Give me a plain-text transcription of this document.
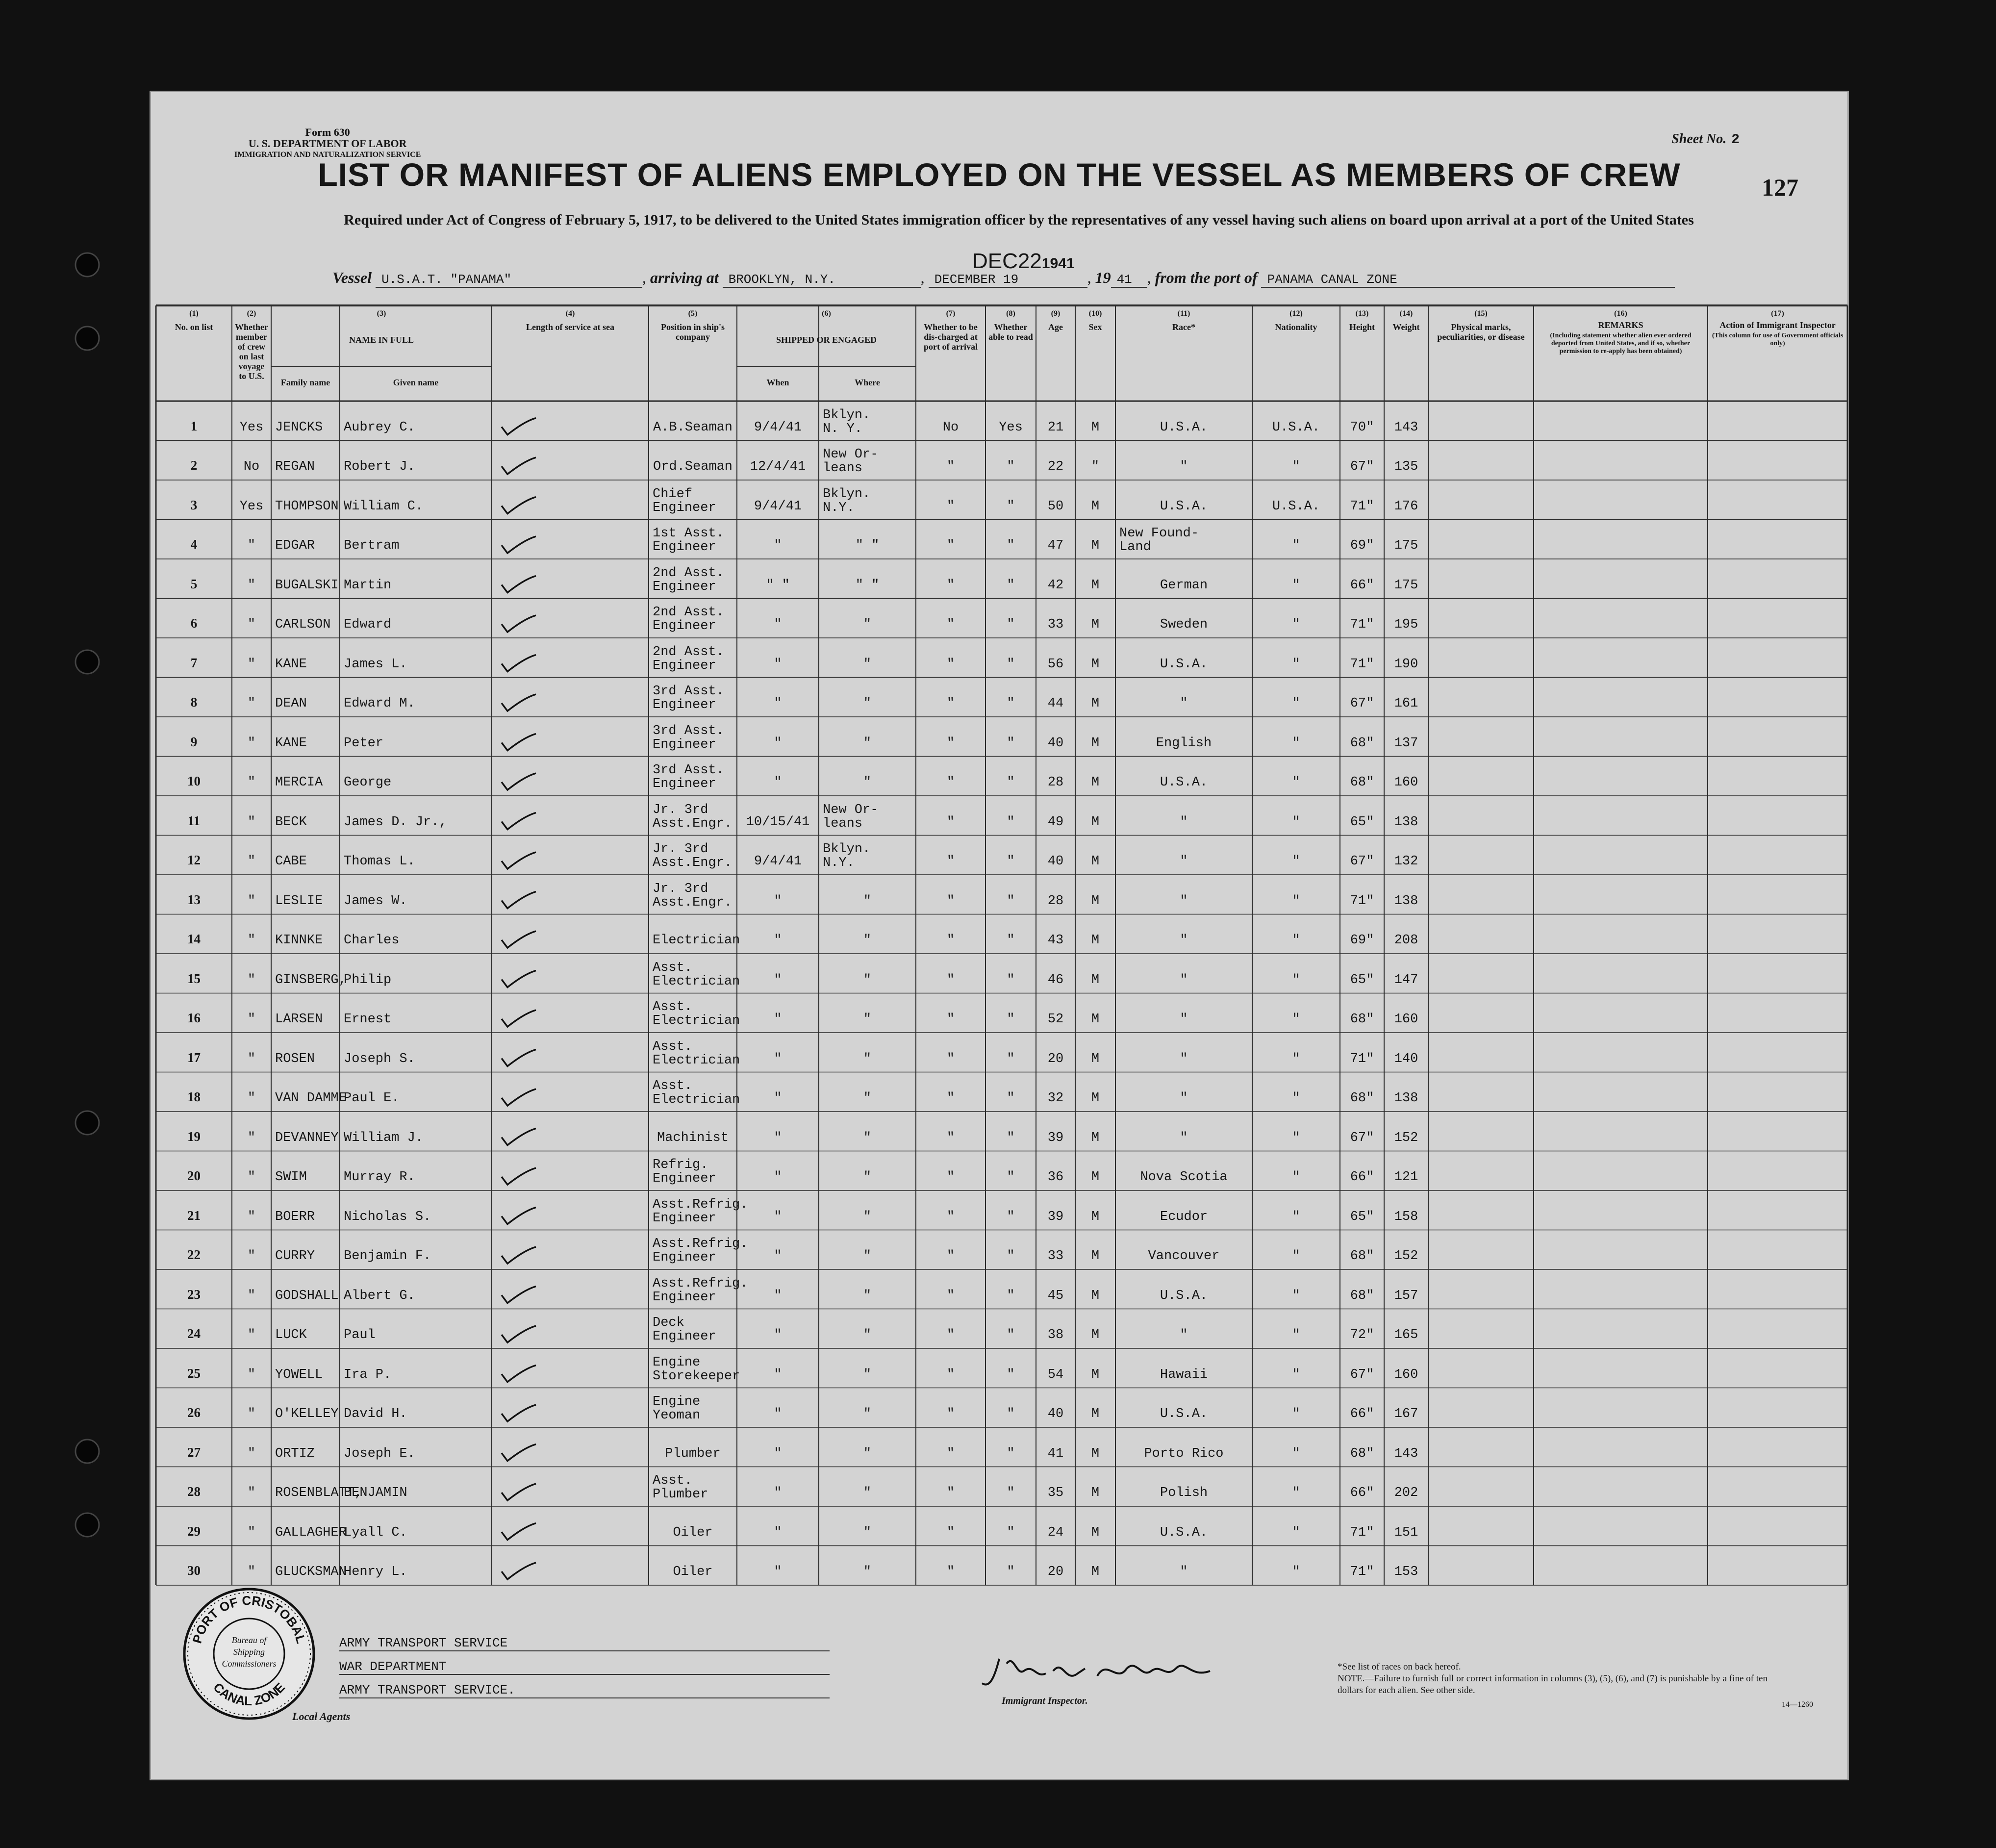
Form 630
U. S. DEPARTMENT OF LABOR
IMMIGRATION AND NATURALIZATION SERVICE
Sheet No. 2
127
LIST OR MANIFEST OF ALIENS EMPLOYED ON THE VESSEL AS MEMBERS OF CREW
Required under Act of Congress of February 5, 1917, to be delivered to the United States immigration officer by the representatives of any vessel having such aliens on board upon arrival at a port of the United States
DEC221941
Vessel U.S.A.T. "PANAMA"	, arriving at BROOKLYN, N.Y.	, DECEMBER 19	, 19 41 , from the port of PANAMA CANAL ZONE
(1)
No. on list
(2)
Whether member of crew on last voyage to U.S.
(3)
NAME IN FULL
Family name	Given name
(4)
Length of service at sea
(5)
Position in ship's company
(6)
SHIPPED OR ENGAGED
When	Where
(7)
Whether to be dis-charged at port of arrival
(8)
Whether able to read
(9)
Age
(10)
Sex
(11)
Race*
(12)
Nationality
(13)
Height
(14)
Weight
(15)
Physical marks, peculiarities, or disease
(16)
REMARKS
(Including statement whether alien ever ordered deported from United States, and if so, whether permission to re-apply has been obtained)
(17)
Action of Immigrant Inspector
(This column for use of Government officials only)
1	Yes JENCKS	Aubrey C.	A.B.Seaman	9/4/41
Bklyn.
N. Y.	No	Yes	21	M	U.S.A.	U.S.A.	70"	143
2	No	REGAN	Robert J.	Ord.Seaman	12/4/41
New Or-
leans	"	"	22	"	"	"	67"	135
3	Yes THOMPSON William C.
Chief
Engineer	9/4/41
Bklyn.
N.Y.	"	"	50	M	U.S.A.	U.S.A.	71"	176
4	"	EDGAR	Bertram
1st Asst.
Engineer	"	" "	"	"	47	M
New Found-
Land	"	69"	175
5	"	BUGALSKI Martin
2nd Asst.
Engineer	" "	" "	"	"	42	M	German	"	66"	175
6	"	CARLSON Edward
2nd Asst.
Engineer	"	"	"	"	33	M	Sweden	"	71"	195
7	"	KANE	James L.
2nd Asst.
Engineer	"	"	"	"	56	M	U.S.A.	"	71"	190
8	"	DEAN	Edward M.
3rd Asst.
Engineer	"	"	"	"	44	M	"	"	67"	161
9	"	KANE	Peter
3rd Asst.
Engineer	"	"	"	"	40	M	English	"	68"	137
10	"	MERCIA	George
3rd Asst.
Engineer	"	"	"	"	28	M	U.S.A.	"	68"	160
11	"	BECK	James D. Jr.,
Jr. 3rd
Asst.Engr.	10/15/41
New Or-
leans	"	"	49	M	"	"	65"	138
12	"	CABE	Thomas L.
Jr. 3rd
Asst.Engr.	9/4/41
Bklyn.
N.Y.	"	"	40	M	"	"	67"	132
13	"	LESLIE	James W.
Jr. 3rd
Asst.Engr.	"	"	"	"	28	M	"	"	71"	138
14	"	KINNKE	Charles	Electrician	"	"	"	"	43	M	"	"	69"	208
15	"	GINSBERG,
Philip
Asst.
Electrician	"	"	"	"	46	M	"	"	65"	147
16	"	LARSEN	Ernest
Asst.
Electrician	"	"	"	"	52	M	"	"	68"	160
17	"	ROSEN	Joseph S.
Asst.
Electrician	"	"	"	"	20	M	"	"	71"	140
18	"	VAN DAMME
Paul E.
Asst.
Electrician	"	"	"	"	32	M	"	"	68"	138
19	"	DEVANNEY William J.	Machinist	"	"	"	"	39	M	"	"	67"	152
20	"	SWIM	Murray R.
Refrig.
Engineer	"	"	"	"	36	M	Nova Scotia	"	66"	121
21	"	BOERR	Nicholas S.
Asst.Refrig.
Engineer	"	"	"	"	39	M	Ecudor	"	65"	158
22	"	CURRY	Benjamin F.
Asst.Refrig.
Engineer	"	"	"	"	33	M	Vancouver	"	68"	152
23	"	GODSHALL Albert G.
Asst.Refrig.
Engineer	"	"	"	"	45	M	U.S.A.	"	68"	157
24	"	LUCK	Paul
Deck
Engineer	"	"	"	"	38	M	"	"	72"	165
25	"	YOWELL	Ira P.
Engine
Storekeeper	"	"	"	"	54	M	Hawaii	"	67"	160
26	"	O'KELLEY David H.
Engine
Yeoman	"	"	"	"	40	M	U.S.A.	"	66"	167
27	"	ORTIZ	Joseph E.	Plumber	"	"	"	"	41	M	Porto Rico	"	68"	143
28	"	ROSENBLATT,
BENJAMIN
Asst.
Plumber	"	"	"	"	35	M	Polish	"	66"	202
29	"	GALLAGHER
Lyall C.	Oiler	"	"	"	"	24	M	U.S.A.	"	71"	151
30	"	GLUCKSMAN
Henry L.	Oiler	"	"	"	"	20	M	"	"	71"	153
Local Agents
ARMY TRANSPORT SERVICE
WAR DEPARTMENT
ARMY TRANSPORT SERVICE.
Immigrant Inspector.
*See list of races on back hereof.
NOTE.—Failure to furnish full or correct information in columns (3), (5), (6), and (7) is punishable by a fine of ten dollars for each alien. See other side.
14—1260
PORT OF CRISTOBAL
CANAL ZONE
Bureau of
Shipping
Commissioners
